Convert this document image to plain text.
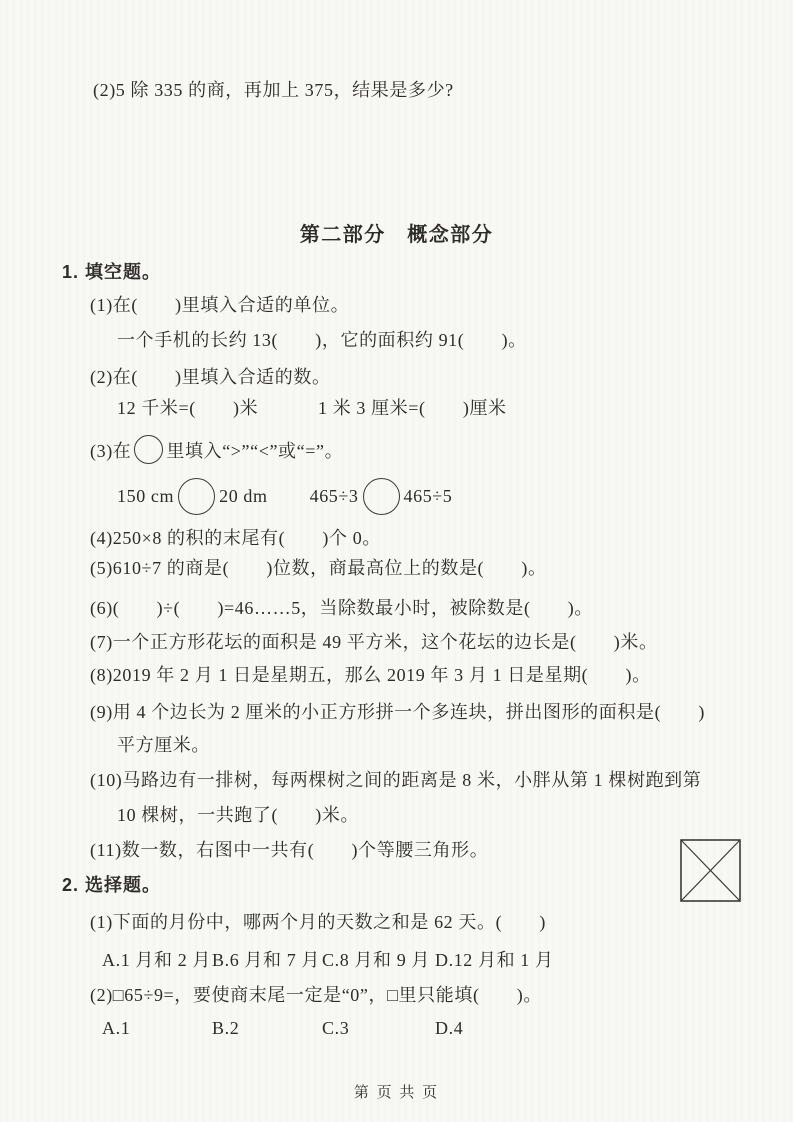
(2)5 除 335 的商，再加上 375，结果是多少?
第二部分　概念部分
1. 填空题。
(1)在(　　)里填入合适的单位。
一个手机的长约 13(　　)，它的面积约 91(　　)。
(2)在(　　)里填入合适的数。
12 千米=(　　)米	1 米 3 厘米=(　　)厘米
(3)在 里填入“>”“<”或“=”。
150 cm	20 dm 465÷3	465÷5
(4)250×8 的积的末尾有(　　)个 0。
(5)610÷7 的商是(　　)位数，商最高位上的数是(　　)。
(6)(　　)÷(　　)=46……5，当除数最小时，被除数是(　　)。
(7)一个正方形花坛的面积是 49 平方米，这个花坛的边长是(　　)米。
(8)2019 年 2 月 1 日是星期五，那么 2019 年 3 月 1 日是星期(　　)。
(9)用 4 个边长为 2 厘米的小正方形拼一个多连块，拼出图形的面积是(　　)
平方厘米。
(10)马路边有一排树，每两棵树之间的距离是 8 米，小胖从第 1 棵树跑到第
10 棵树，一共跑了(　　)米。
(11)数一数，右图中一共有(　　)个等腰三角形。
2. 选择题。
(1)下面的月份中，哪两个月的天数之和是 62 天。(　　)
A.1 月和 2 月 B.6 月和 7 月 C.8 月和 9 月 D.12 月和 1 月
(2)□65÷9=，要使商末尾一定是“0”，□里只能填(　　)。
A.1	B.2	C.3	D.4
第 页 共 页
